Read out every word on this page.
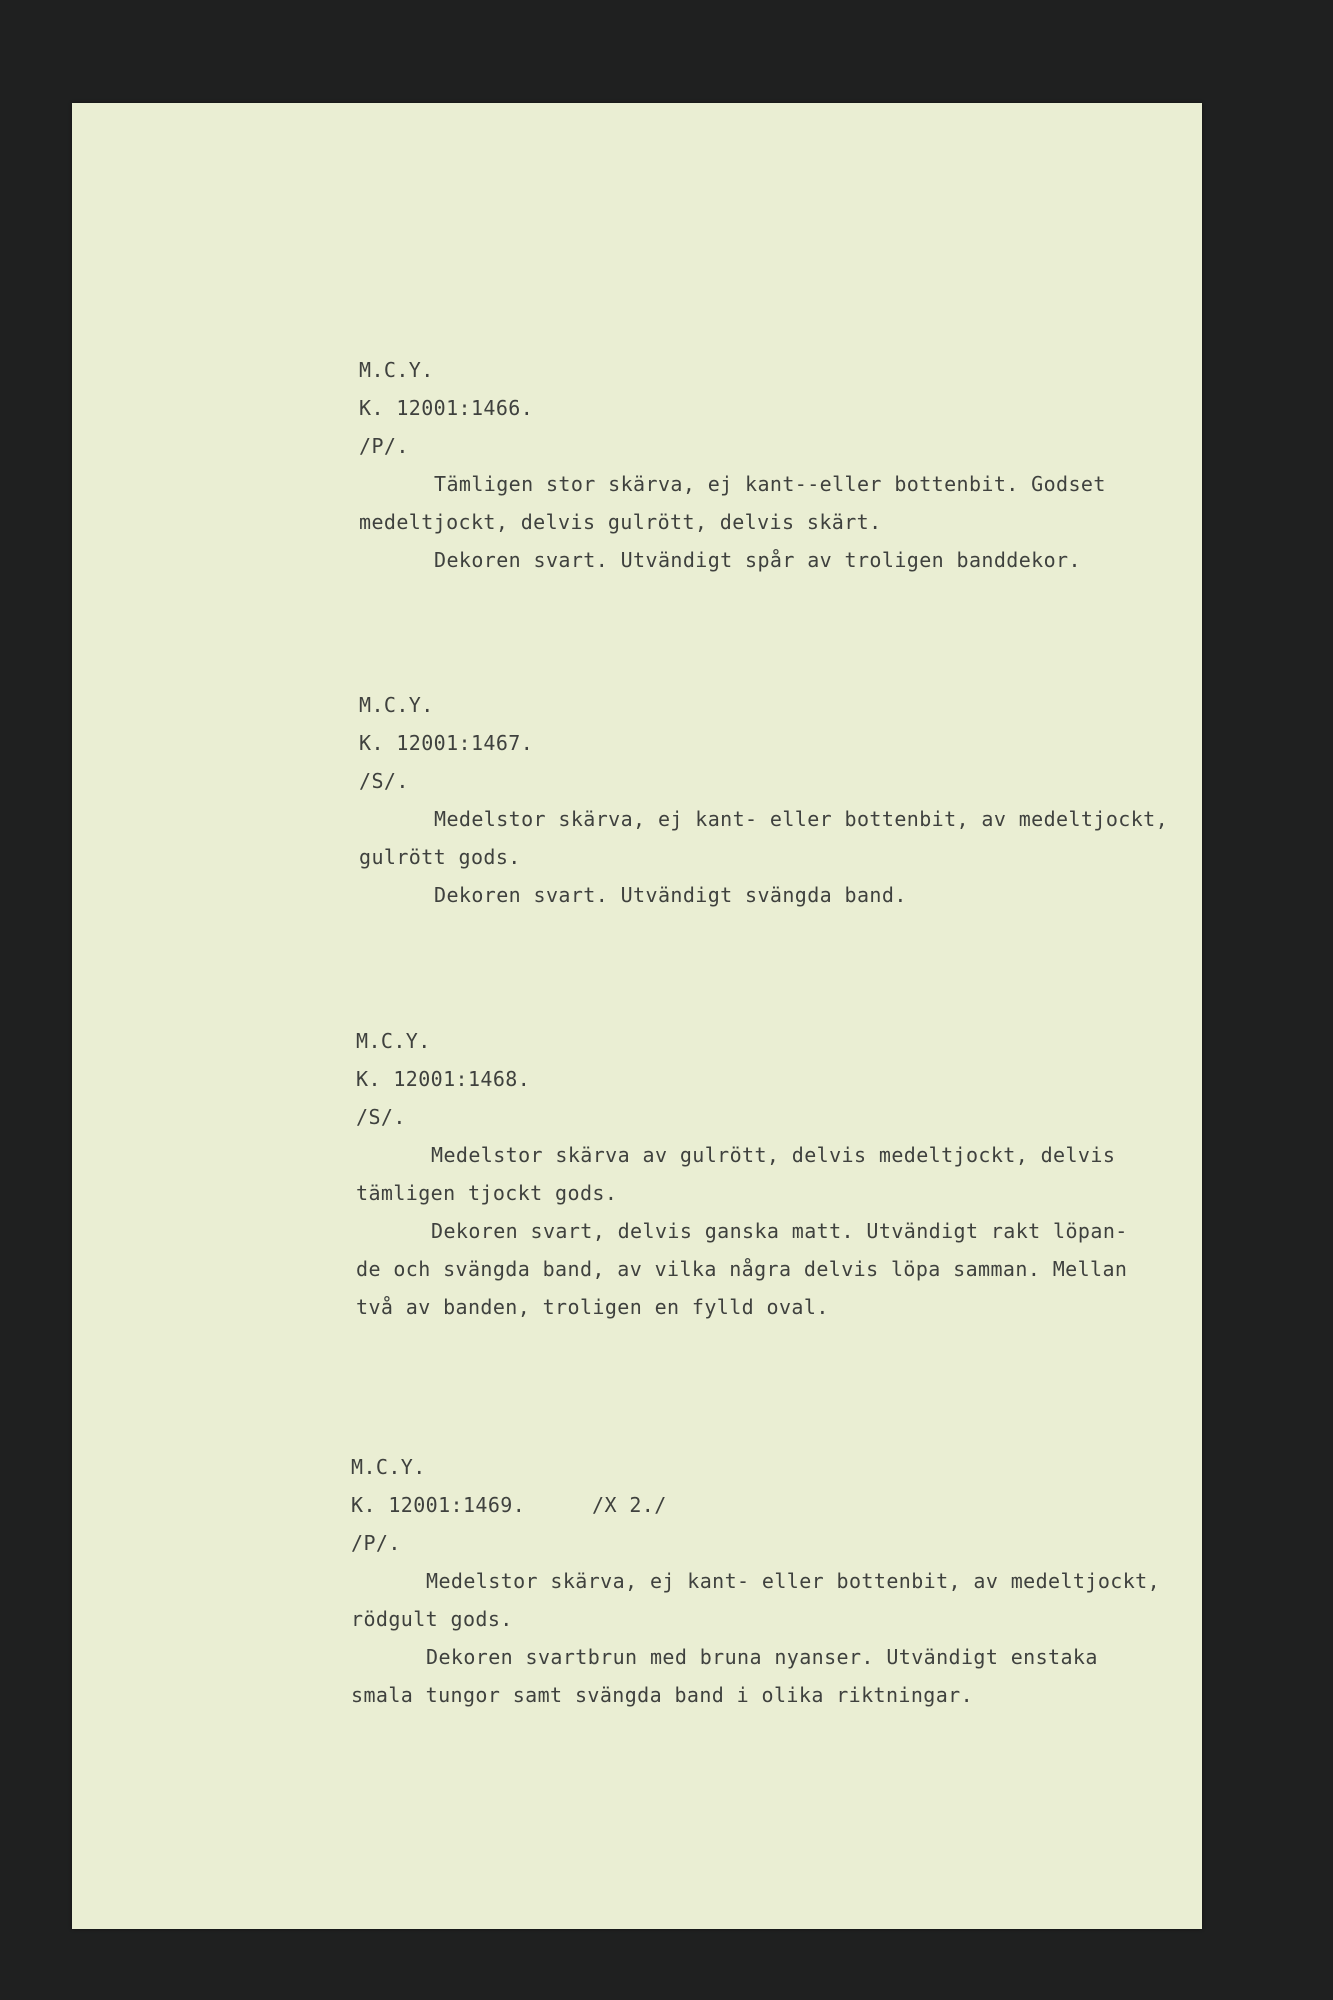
M.C.Y.
K. 12001:1466.
/P/.
Tämligen stor skärva, ej kant--eller bottenbit. Godset
medeltjockt, delvis gulrött, delvis skärt.
Dekoren svart. Utvändigt spår av troligen banddekor.
M.C.Y.
K. 12001:1467.
/S/.
Medelstor skärva, ej kant- eller bottenbit, av medeltjockt,
gulrött gods.
Dekoren svart. Utvändigt svängda band.
M.C.Y.
K. 12001:1468.
/S/.
Medelstor skärva av gulrött, delvis medeltjockt, delvis
tämligen tjockt gods.
Dekoren svart, delvis ganska matt. Utvändigt rakt löpan-
de och svängda band, av vilka några delvis löpa samman. Mellan
två av banden, troligen en fylld oval.
M.C.Y.
K. 12001:1469.	/X 2./
/P/.
Medelstor skärva, ej kant- eller bottenbit, av medeltjockt,
rödgult gods.
Dekoren svartbrun med bruna nyanser. Utvändigt enstaka
smala tungor samt svängda band i olika riktningar.
